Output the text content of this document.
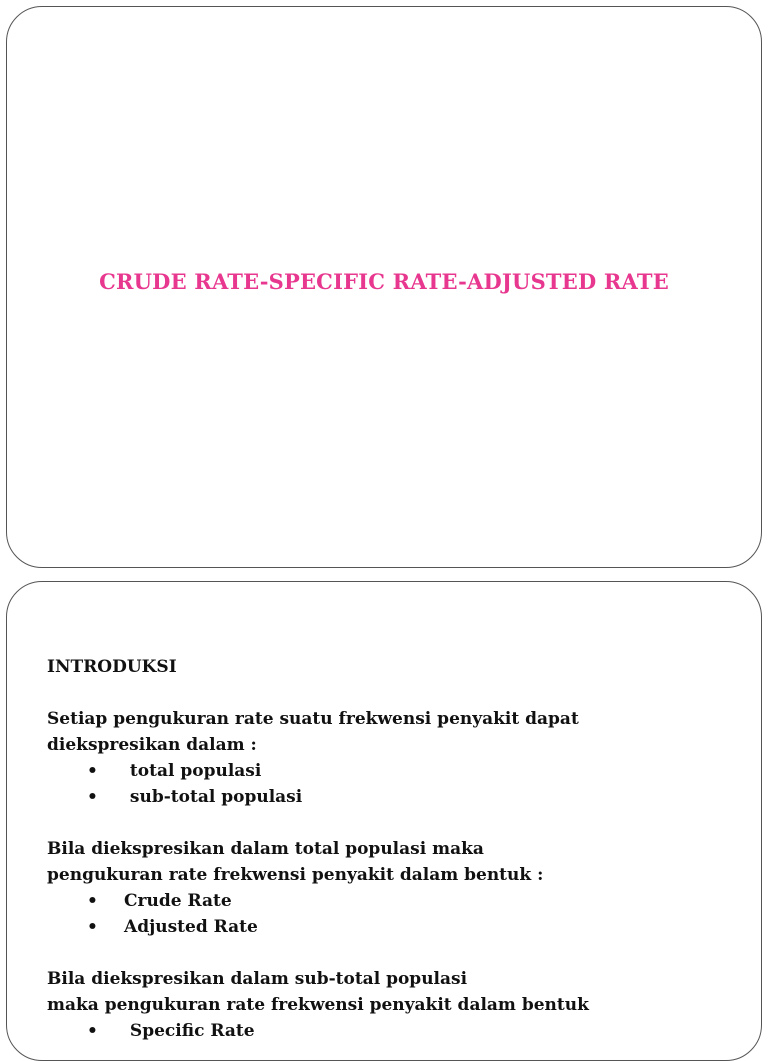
CRUDE RATE-SPECIFIC RATE-ADJUSTED RATE
INTRODUKSI
Setiap pengukuran rate suatu frekwensi penyakit dapat
diekspresikan dalam :
• total populasi
• sub-total populasi
Bila diekspresikan dalam total populasi maka
pengukuran rate frekwensi penyakit dalam bentuk :
• Crude Rate
• Adjusted Rate
Bila diekspresikan dalam sub-total populasi
maka pengukuran rate frekwensi penyakit dalam bentuk
• Specific Rate
